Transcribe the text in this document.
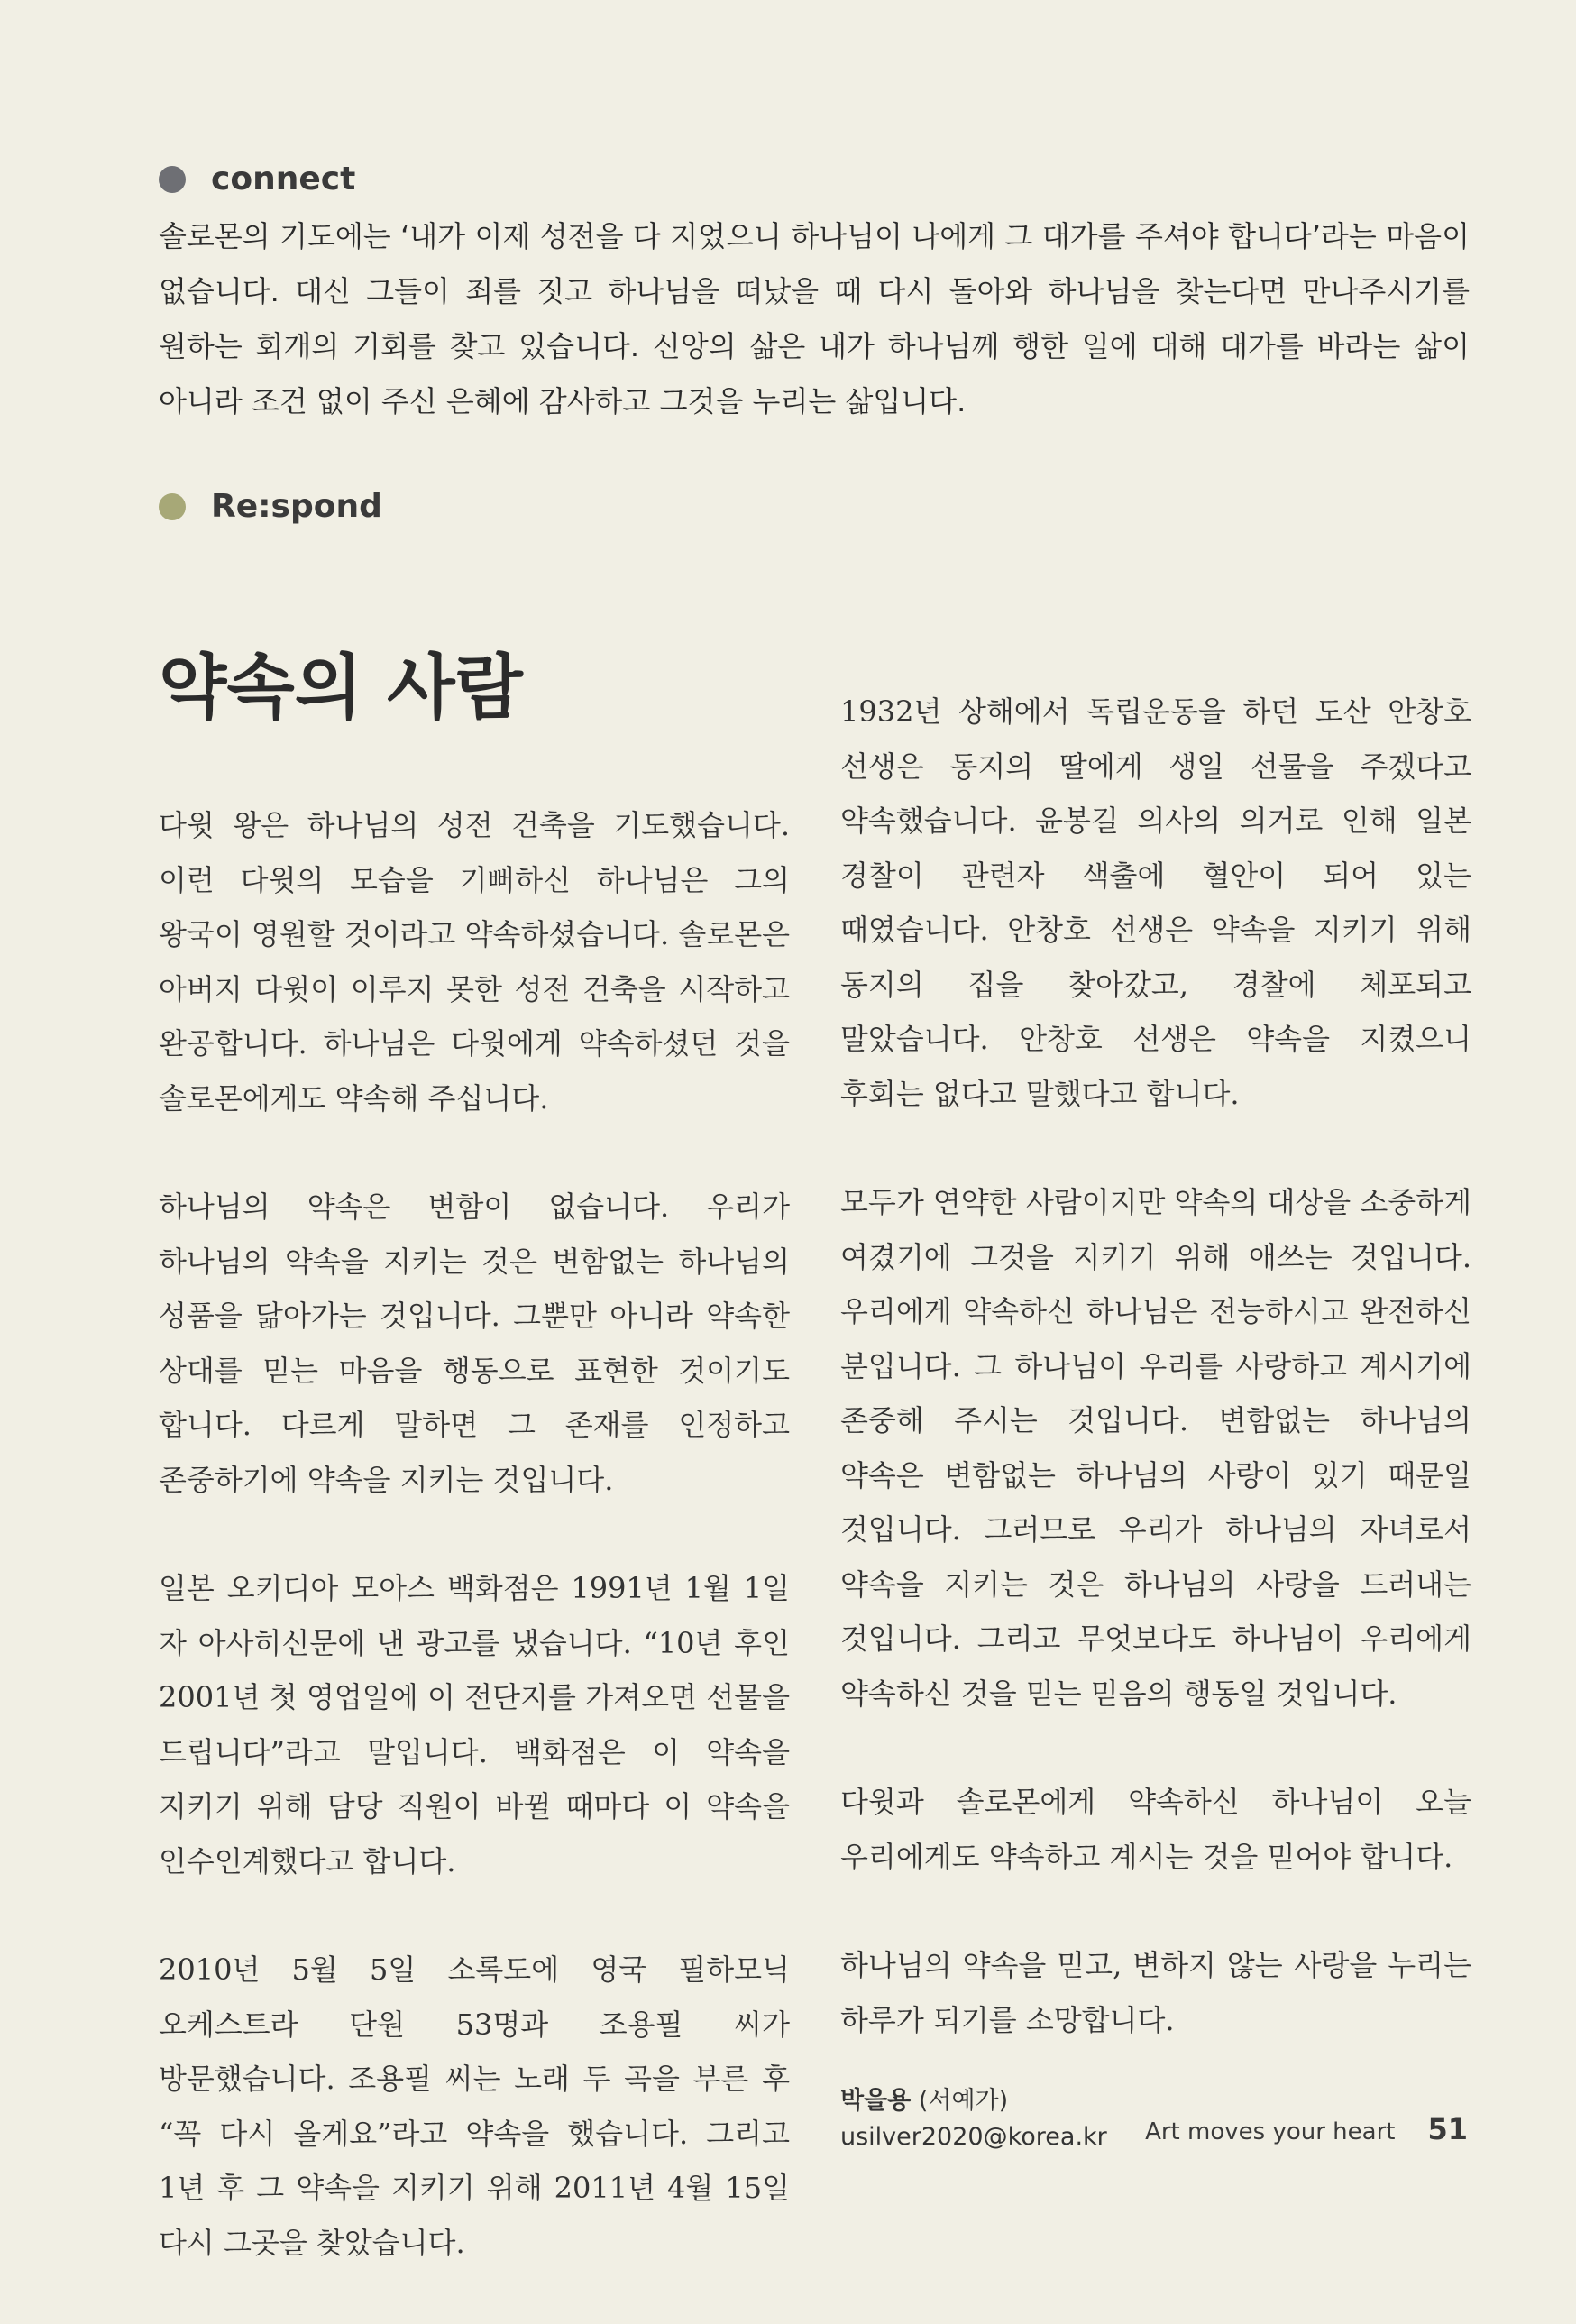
connect

솔로몬의 기도에는 ‘내가 이제 성전을 다 지었으니 하나님이 나에게 그 대가를 주셔야 합니다’라는 마음이 없습니다. 대신 그들이 죄를 짓고 하나님을 떠났을 때 다시 돌아와 하나님을 찾는다면 만나주시기를 원하는 회개의 기회를 찾고 있습니다. 신앙의 삶은 내가 하나님께 행한 일에 대해 대가를 바라는 삶이 아니라 조건 없이 주신 은혜에 감사하고 그것을 누리는 삶입니다.

Re:spond
약속의 사람

다윗 왕은 하나님의 성전 건축을 기도했습니다. 이런 다윗의 모습을 기뻐하신 하나님은 그의 왕국이 영원할 것이라고 약속하셨습니다. 솔로몬은 아버지 다윗이 이루지 못한 성전 건축을 시작하고 완공합니다. 하나님은 다윗에게 약속하셨던 것을 솔로몬에게도 약속해 주십니다.

하나님의 약속은 변함이 없습니다. 우리가 하나님의 약속을 지키는 것은 변함없는 하나님의 성품을 닮아가는 것입니다. 그뿐만 아니라 약속한 상대를 믿는 마음을 행동으로 표현한 것이기도 합니다. 다르게 말하면 그 존재를 인정하고 존중하기에 약속을 지키는 것입니다.

일본 오키디아 모아스 백화점은 1991년 1월 1일 자 아사히신문에 낸 광고를 냈습니다. “10년 후인 2001년 첫 영업일에 이 전단지를 가져오면 선물을 드립니다”라고 말입니다. 백화점은 이 약속을 지키기 위해 담당 직원이 바뀔 때마다 이 약속을 인수인계했다고 합니다.

2010년 5월 5일 소록도에 영국 필하모닉 오케스트라 단원 53명과 조용필 씨가 방문했습니다. 조용필 씨는 노래 두 곡을 부른 후 “꼭 다시 올게요”라고 약속을 했습니다. 그리고 1년 후 그 약속을 지키기 위해 2011년 4월 15일 다시 그곳을 찾았습니다.

1932년 상해에서 독립운동을 하던 도산 안창호 선생은 동지의 딸에게 생일 선물을 주겠다고 약속했습니다. 윤봉길 의사의 의거로 인해 일본 경찰이 관련자 색출에 혈안이 되어 있는 때였습니다. 안창호 선생은 약속을 지키기 위해 동지의 집을 찾아갔고, 경찰에 체포되고 말았습니다. 안창호 선생은 약속을 지켰으니 후회는 없다고 말했다고 합니다.

모두가 연약한 사람이지만 약속의 대상을 소중하게 여겼기에 그것을 지키기 위해 애쓰는 것입니다. 우리에게 약속하신 하나님은 전능하시고 완전하신 분입니다. 그 하나님이 우리를 사랑하고 계시기에 존중해 주시는 것입니다. 변함없는 하나님의 약속은 변함없는 하나님의 사랑이 있기 때문일 것입니다. 그러므로 우리가 하나님의 자녀로서 약속을 지키는 것은 하나님의 사랑을 드러내는 것입니다. 그리고 무엇보다도 하나님이 우리에게 약속하신 것을 믿는 믿음의 행동일 것입니다.

다윗과 솔로몬에게 약속하신 하나님이 오늘 우리에게도 약속하고 계시는 것을 믿어야 합니다.

하나님의 약속을 믿고, 변하지 않는 사랑을 누리는 하루가 되기를 소망합니다.

박을용 (서예가)
usilver2020@korea.kr	Art moves your heart 51
